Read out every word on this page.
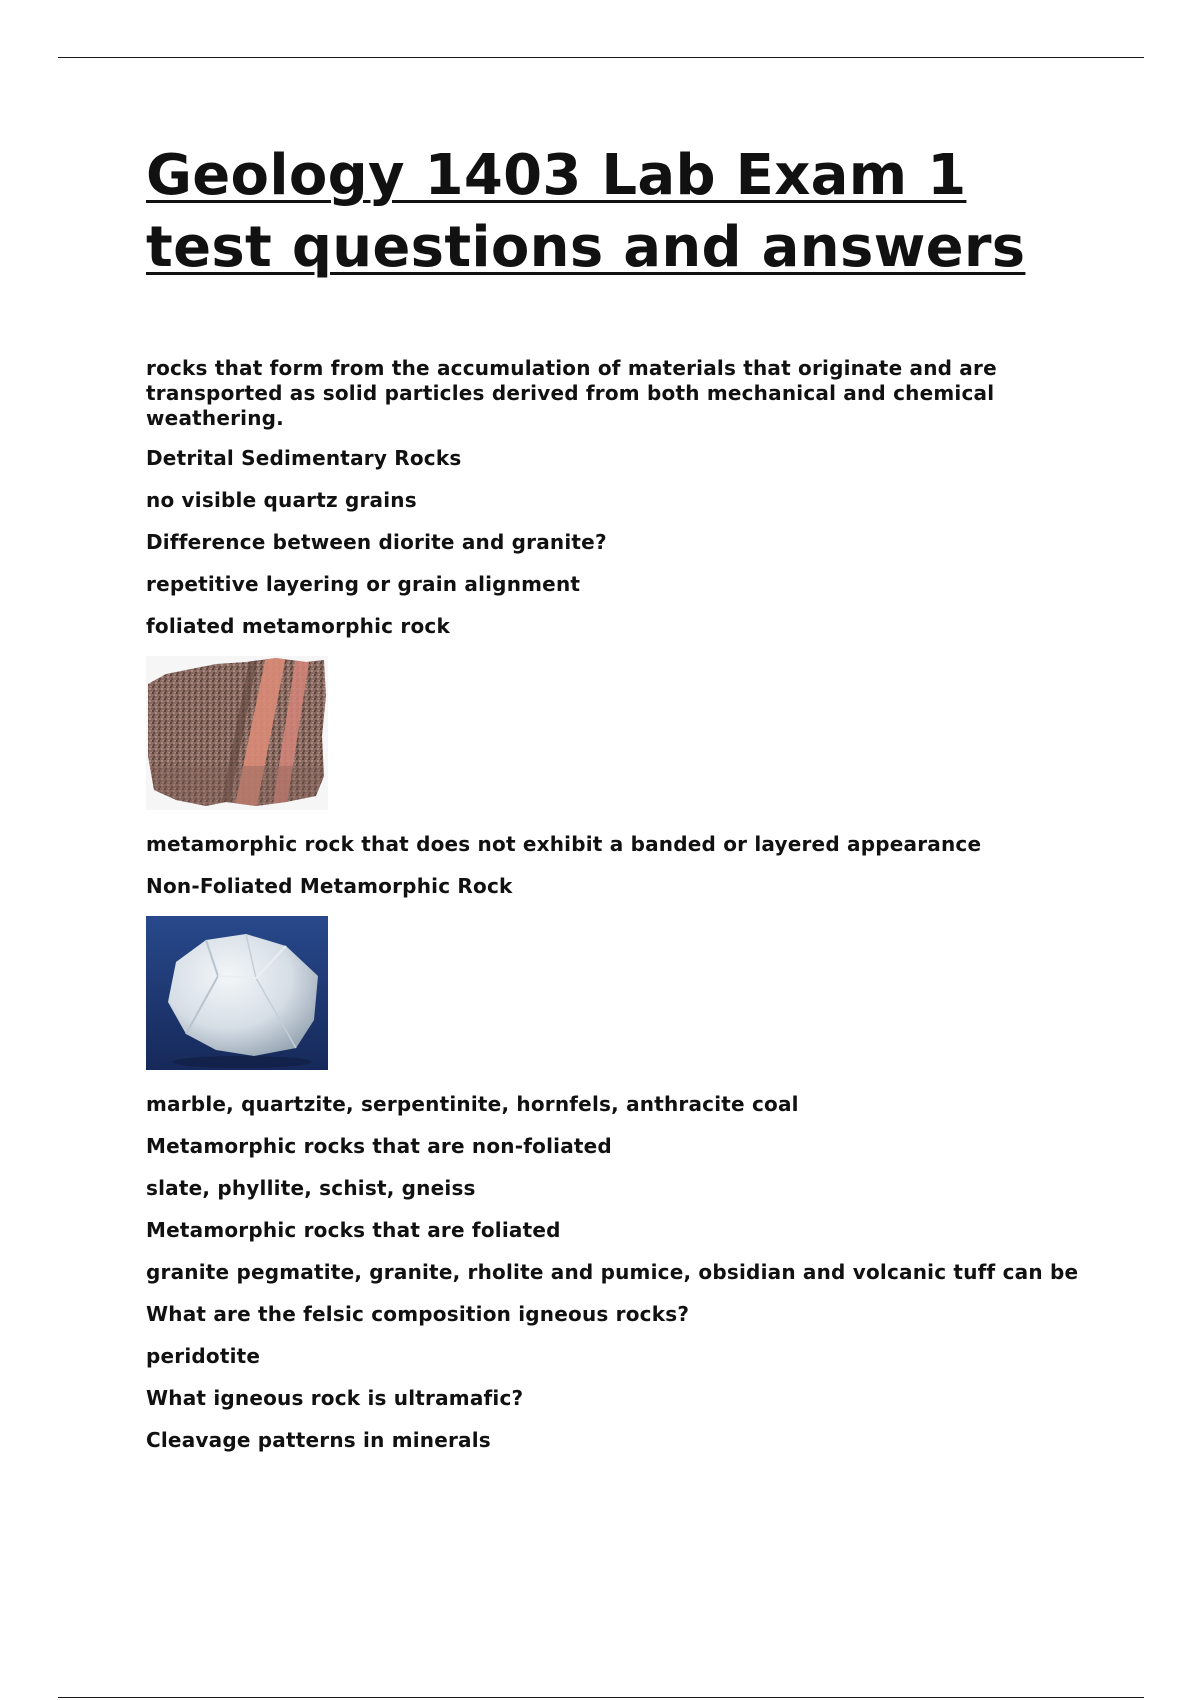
Geology 1403 Lab Exam 1
test questions and answers

rocks that form from the accumulation of materials that originate and are transported as solid particles derived from both mechanical and chemical weathering.

Detrital Sedimentary Rocks

no visible quartz grains

Difference between diorite and granite?

repetitive layering or grain alignment

foliated metamorphic rock

metamorphic rock that does not exhibit a banded or layered appearance

Non-Foliated Metamorphic Rock

marble, quartzite, serpentinite, hornfels, anthracite coal

Metamorphic rocks that are non-foliated

slate, phyllite, schist, gneiss

Metamorphic rocks that are foliated

granite pegmatite, granite, rholite and pumice, obsidian and volcanic tuff can be

What are the felsic composition igneous rocks?

peridotite

What igneous rock is ultramafic?

Cleavage patterns in minerals
